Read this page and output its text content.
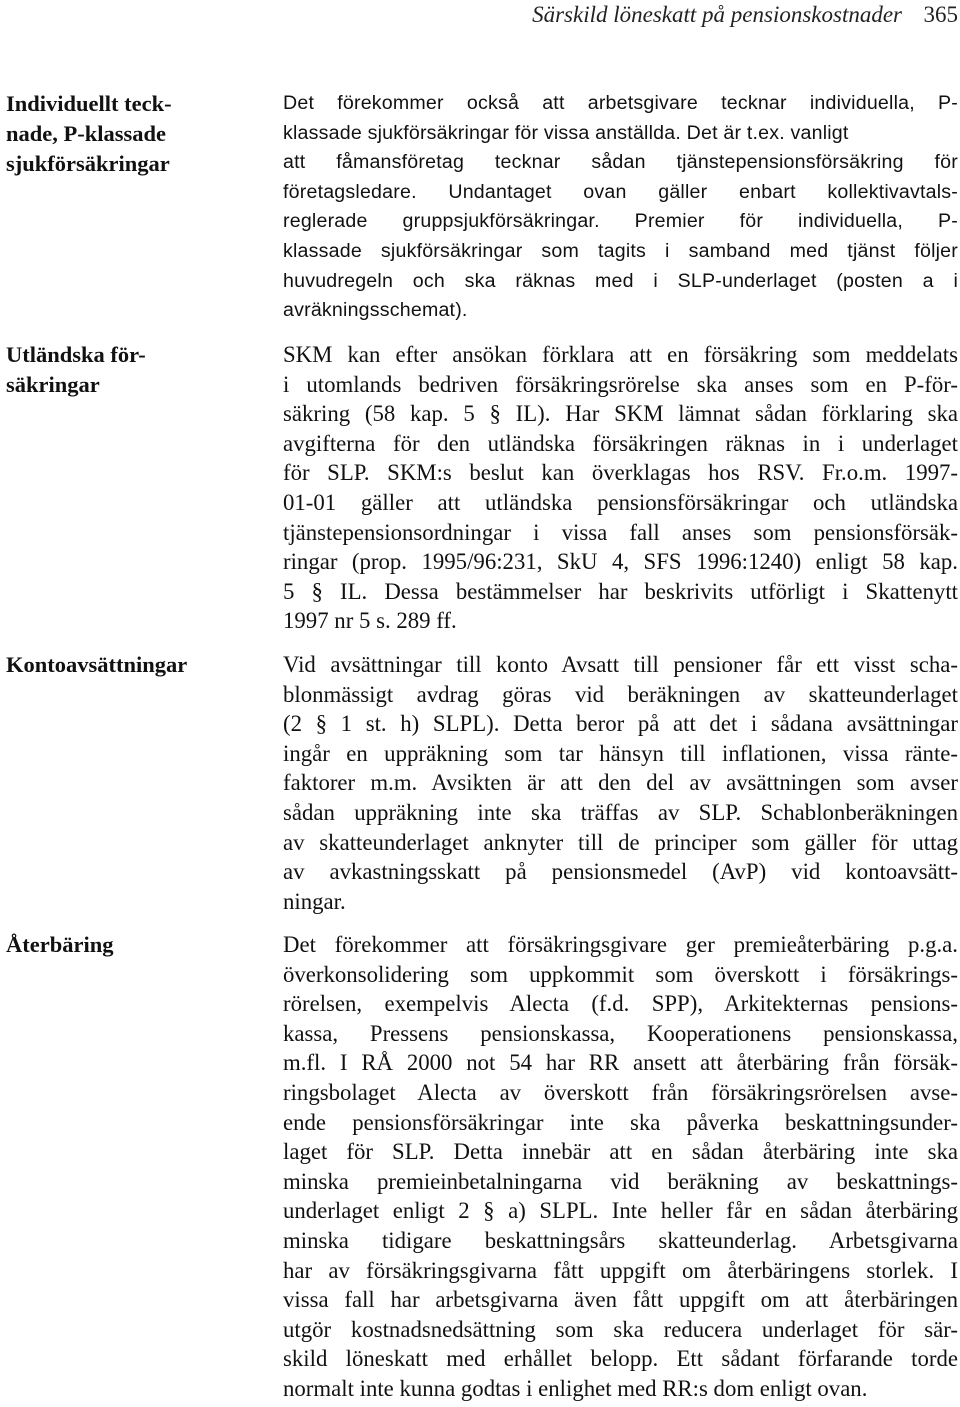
Särskild löneskatt på pensionskostnader 365
Individuellt teck-
nade, P-klassade
sjukförsäkringar
Det förekommer också att arbetsgivare tecknar individuella, P-
klassade sjukförsäkringar för vissa anställda. Det är t.ex. vanligt
att fåmansföretag tecknar sådan tjänstepensionsförsäkring för
företagsledare. Undantaget ovan gäller enbart kollektivavtals-
reglerade gruppsjukförsäkringar. Premier för individuella, P-
klassade sjukförsäkringar som tagits i samband med tjänst följer
huvudregeln och ska räknas med i SLP-underlaget (posten a i
avräkningsschemat).
Utländska för-
säkringar
SKM kan efter ansökan förklara att en försäkring som meddelats
i utomlands bedriven försäkringsrörelse ska anses som en P-för-
säkring (58 kap. 5 § IL). Har SKM lämnat sådan förklaring ska
avgifterna för den utländska försäkringen räknas in i underlaget
för SLP. SKM:s beslut kan överklagas hos RSV. Fr.o.m. 1997-
01-01 gäller att utländska pensionsförsäkringar och utländska
tjänstepensionsordningar i vissa fall anses som pensionsförsäk-
ringar (prop. 1995/96:231, SkU 4, SFS 1996:1240) enligt 58 kap.
5 § IL. Dessa bestämmelser har beskrivits utförligt i Skattenytt
1997 nr 5 s. 289 ff.
Kontoavsättningar	Vid avsättningar till konto Avsatt till pensioner får ett visst scha-
blonmässigt avdrag göras vid beräkningen av skatteunderlaget
(2 § 1 st. h) SLPL). Detta beror på att det i sådana avsättningar
ingår en uppräkning som tar hänsyn till inflationen, vissa ränte-
faktorer m.m. Avsikten är att den del av avsättningen som avser
sådan uppräkning inte ska träffas av SLP. Schablonberäkningen
av skatteunderlaget anknyter till de principer som gäller för uttag
av avkastningsskatt på pensionsmedel (AvP) vid kontoavsätt-
ningar.
Återbäring	Det förekommer att försäkringsgivare ger premieåterbäring p.g.a.
överkonsolidering som uppkommit som överskott i försäkrings-
rörelsen, exempelvis Alecta (f.d. SPP), Arkitekternas pensions-
kassa, Pressens pensionskassa, Kooperationens pensionskassa,
m.fl. I RÅ 2000 not 54 har RR ansett att återbäring från försäk-
ringsbolaget Alecta av överskott från försäkringsrörelsen avse-
ende pensionsförsäkringar inte ska påverka beskattningsunder-
laget för SLP. Detta innebär att en sådan återbäring inte ska
minska premieinbetalningarna vid beräkning av beskattnings-
underlaget enligt 2 § a) SLPL. Inte heller får en sådan återbäring
minska tidigare beskattningsårs skatteunderlag. Arbetsgivarna
har av försäkringsgivarna fått uppgift om återbäringens storlek. I
vissa fall har arbetsgivarna även fått uppgift om att återbäringen
utgör kostnadsnedsättning som ska reducera underlaget för sär-
skild löneskatt med erhållet belopp. Ett sådant förfarande torde
normalt inte kunna godtas i enlighet med RR:s dom enligt ovan.
